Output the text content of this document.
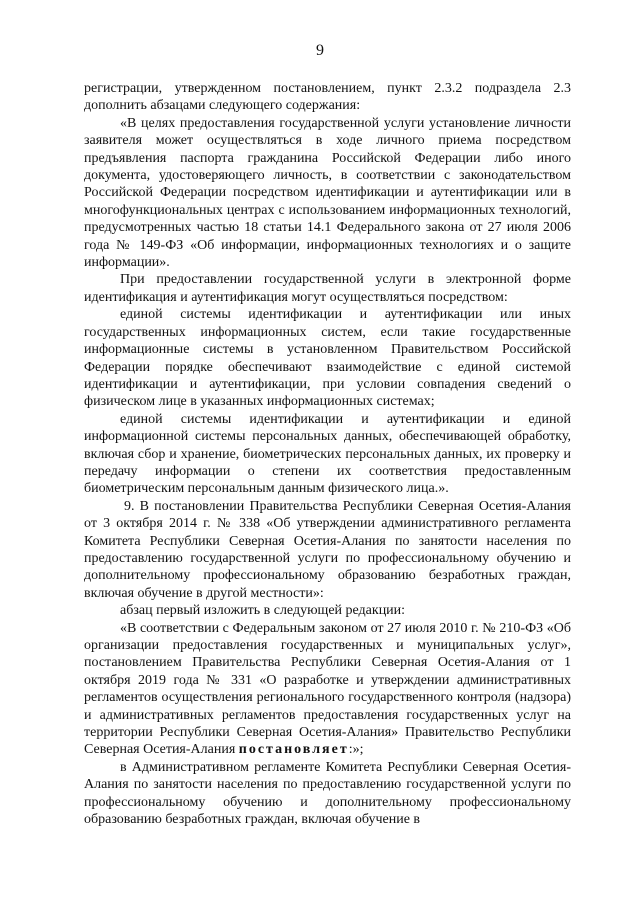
9

регистрации, утвержденном постановлением, пункт 2.3.2 подраздела 2.3 дополнить абзацами следующего содержания:

«В целях предоставления государственной услуги установление личности заявителя может осуществляться в ходе личного приема посредством предъявления паспорта гражданина Российской Федерации либо иного документа, удостоверяющего личность, в соответствии с законодательством Российской Федерации посредством идентификации и аутентификации или в многофункциональных центрах с использованием информационных технологий, предусмотренных частью 18 статьи 14.1 Федерального закона от 27 июля 2006 года № 149-ФЗ «Об информации, информационных технологиях и о защите информации».

При предоставлении государственной услуги в электронной форме идентификация и аутентификация могут осуществляться посредством:

единой системы идентификации и аутентификации или иных государственных информационных систем, если такие государственные информационные системы в установленном Правительством Российской Федерации порядке обеспечивают взаимодействие с единой системой идентификации и аутентификации, при условии совпадения сведений о физическом лице в указанных информационных системах;

единой системы идентификации и аутентификации и единой информационной системы персональных данных, обеспечивающей обработку, включая сбор и хранение, биометрических персональных данных, их проверку и передачу информации о степени их соответствия предоставленным биометрическим персональным данным физического лица.».

9. В постановлении Правительства Республики Северная Осетия-Алания от 3 октября 2014 г. № 338 «Об утверждении административного регламента Комитета Республики Северная Осетия-Алания по занятости населения по предоставлению государственной услуги по профессиональному обучению и дополнительному профессиональному образованию безработных граждан, включая обучение в другой местности»:

абзац первый изложить в следующей редакции:

«В соответствии с Федеральным законом от 27 июля 2010 г. № 210-ФЗ «Об организации предоставления государственных и муниципальных услуг», постановлением Правительства Республики Северная Осетия-Алания от 1 октября 2019 года № 331 «О разработке и утверждении административных регламентов осуществления регионального государственного контроля (надзора) и административных регламентов предоставления государственных услуг на территории Республики Северная Осетия-Алания» Правительство Республики Северная Осетия-Алания постановляет:»;

в Административном регламенте Комитета Республики Северная Осетия-Алания по занятости населения по предоставлению государственной услуги по профессиональному обучению и дополнительному профессиональному образованию безработных граждан, включая обучение в
